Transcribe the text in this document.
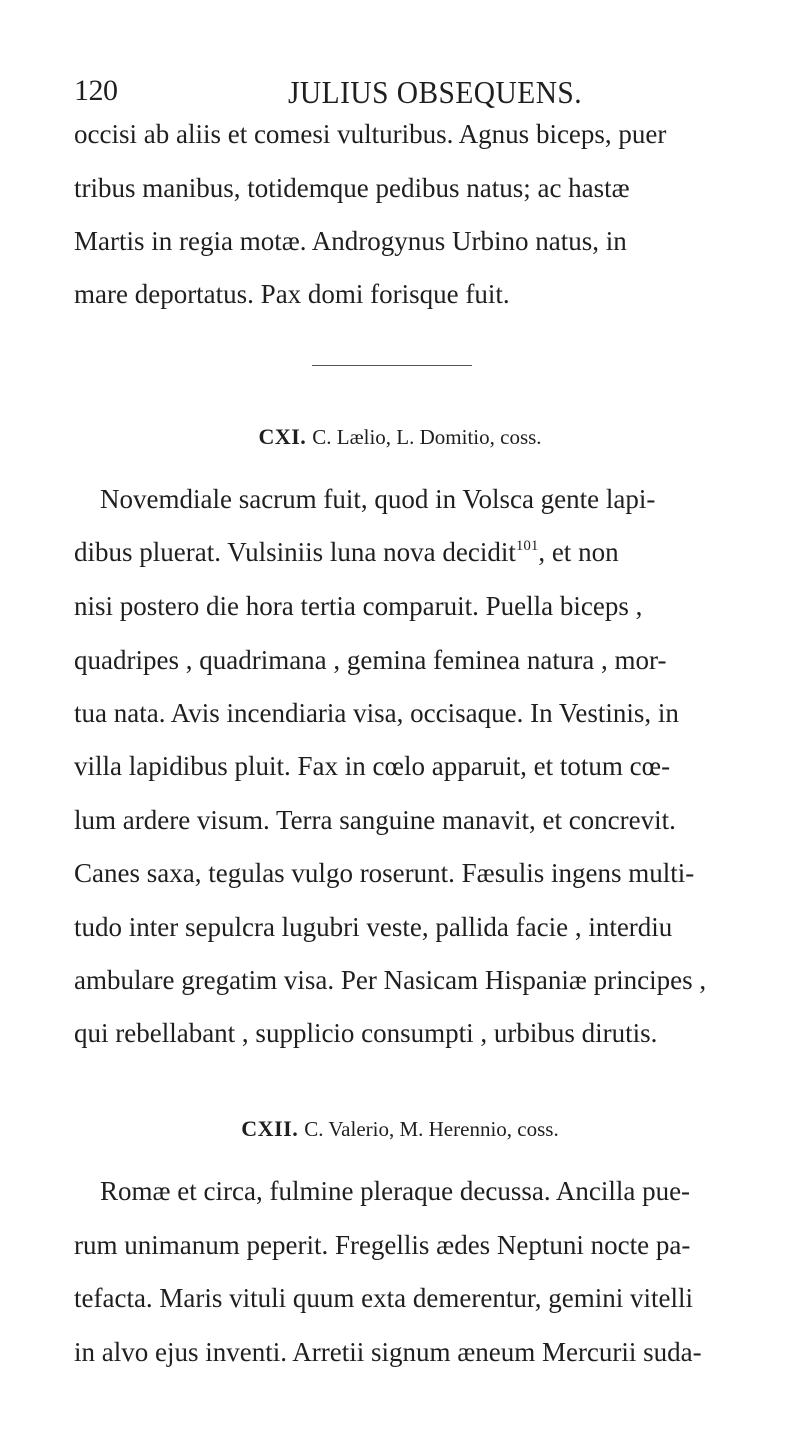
120	JULIUS OBSEQUENS.
occisi ab aliis et comesi vulturibus. Agnus biceps, puer
tribus manibus, totidemque pedibus natus; ac hastæ
Martis in regia motæ. Androgynus Urbino natus, in
mare deportatus. Pax domi forisque fuit.
CXI. C. Lælio, L. Domitio, coss.
Novemdiale sacrum fuit, quod in Volsca gente lapi-
dibus pluerat. Vulsiniis luna nova decidit$^{101}$, et non
nisi postero die hora tertia comparuit. Puella biceps ,
quadripes , quadrimana , gemina feminea natura , mor-
tua nata. Avis incendiaria visa, occisaque. In Vestinis, in
villa lapidibus pluit. Fax in cœlo apparuit, et totum cœ-
lum ardere visum. Terra sanguine manavit, et concrevit.
Canes saxa, tegulas vulgo roserunt. Fæsulis ingens multi-
tudo inter sepulcra lugubri veste, pallida facie , interdiu
ambulare gregatim visa. Per Nasicam Hispaniæ principes ,
qui rebellabant , supplicio consumpti , urbibus dirutis.
CXII. C. Valerio, M. Herennio, coss.
Romæ et circa, fulmine pleraque decussa. Ancilla pue-
rum unimanum peperit. Fregellis ædes Neptuni nocte pa-
tefacta. Maris vituli quum exta demerentur, gemini vitelli
in alvo ejus inventi. Arretii signum æneum Mercurii suda-
